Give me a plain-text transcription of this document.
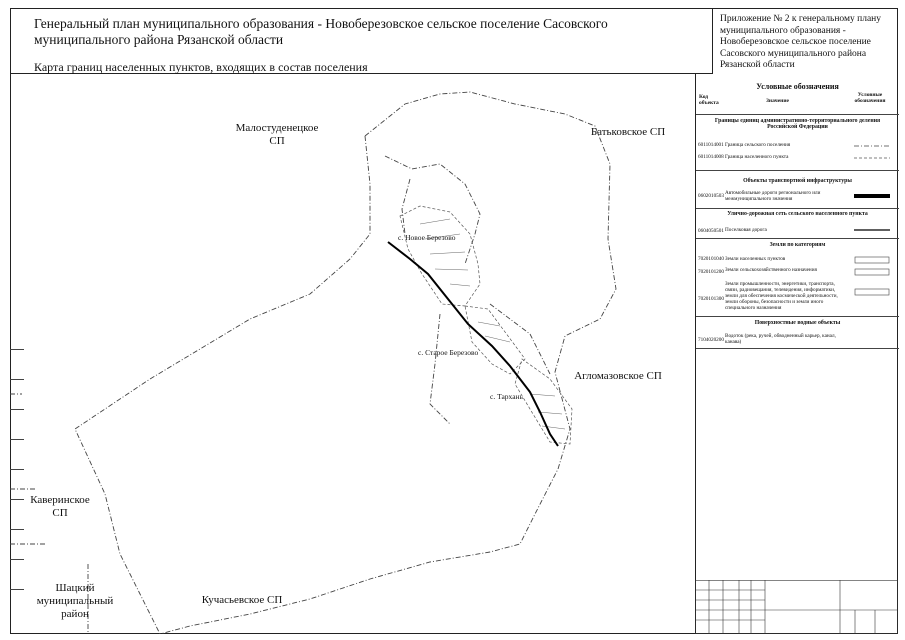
Генеральный план муниципального образования - Новоберезовское сельское поселение Сасовского муниципального района Рязанской области
Карта границ населенных пунктов, входящих в состав поселения
Приложение № 2 к генеральному плану муниципального образования - Новоберезовское сельское поселение Сасовского муниципального района Рязанской области
Малостуденецкое СП
Батьковское СП
Агломазовское СП
Каверинское СП
Шацкий муниципальный район
Кучасьевское СП
с. Новое Березово
с. Старое Березово
с. Тархань
Условные обозначения
Код объекта	Значение
Условные обозначения
Границы единиц административно-территориального деления Российской Федерации
6011014001 Граница сельского поселения
6011014008 Граница населенного пункта
Объекты транспортной инфраструктуры
0602010503 Автомобильные дороги регионального или межмуниципального значения
Улично-дорожная сеть сельского населенного пункта
0604050501 Поселковая дорога
Земли по категориям
7020101040 Земли населенных пунктов
7020101200 Земли сельскохозяйственного назначения
7020101300
Земли промышленности, энергетики, транспорта, связи, радиовещания, телевидения, информатики, земли для обеспечения космической деятельности, земли обороны, безопасности и земли иного специального назначения
Поверхностные водные объекты
7104020200
Водоток (река, ручей, обводненный карьер, канал, канава)
